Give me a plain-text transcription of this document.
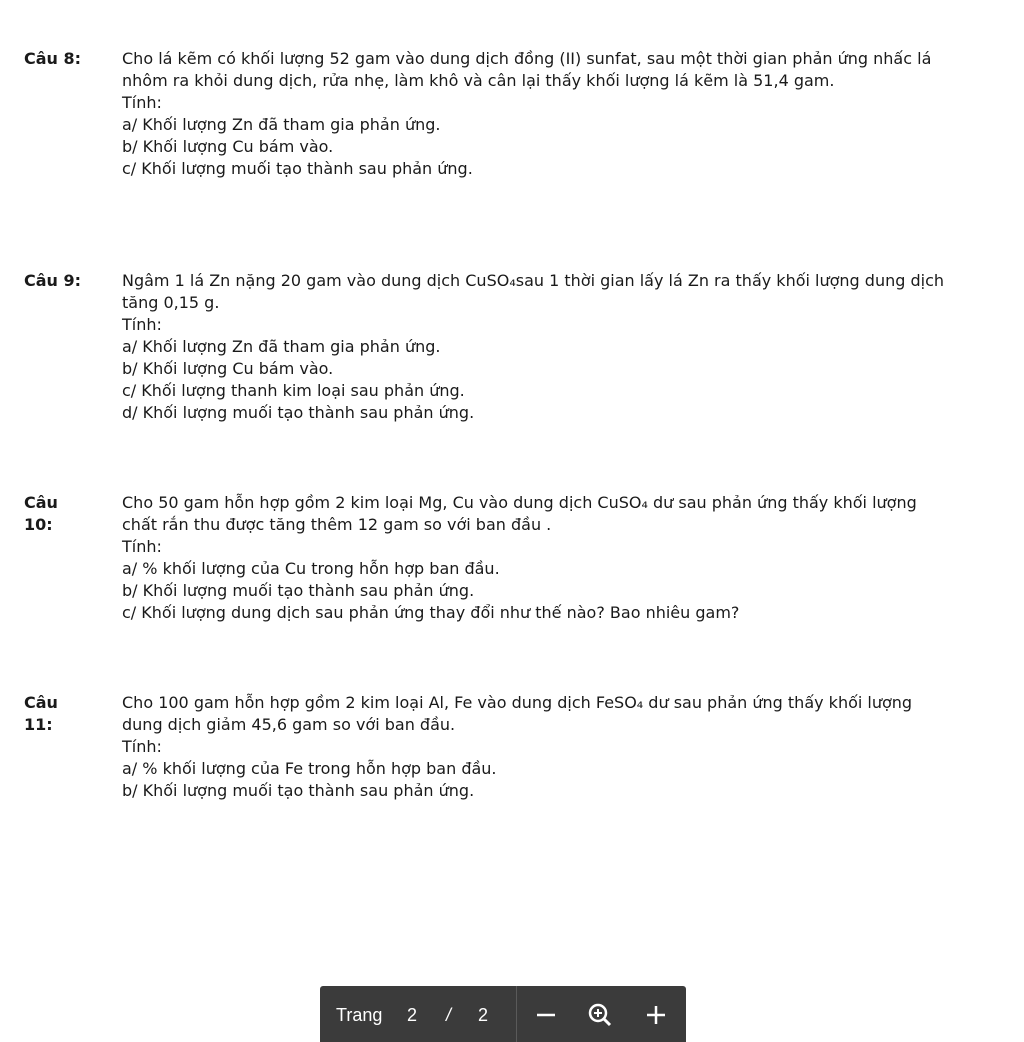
Câu 8:	Cho lá kẽm có khối lượng 52 gam vào dung dịch đồng (II) sunfat, sau một thời gian phản ứng nhấc lá nhôm ra khỏi dung dịch, rửa nhẹ, làm khô và cân lại thấy khối lượng lá kẽm là 51,4 gam.
Tính:
a/ Khối lượng Zn đã tham gia phản ứng.
b/ Khối lượng Cu bám vào.
c/ Khối lượng muối tạo thành sau phản ứng.
Câu 9:	Ngâm 1 lá Zn nặng 20 gam vào dung dịch CuSO₄sau 1 thời gian lấy lá Zn ra thấy khối lượng dung dịch tăng 0,15 g.
Tính:
a/ Khối lượng Zn đã tham gia phản ứng.
b/ Khối lượng Cu bám vào.
c/ Khối lượng thanh kim loại sau phản ứng.
d/ Khối lượng muối tạo thành sau phản ứng.
Câu 10:
Cho 50 gam hỗn hợp gồm 2 kim loại Mg, Cu vào dung dịch CuSO₄ dư sau phản ứng thấy khối lượng chất rắn thu được tăng thêm 12 gam so với ban đầu .
Tính:
a/ % khối lượng của Cu trong hỗn hợp ban đầu.
b/ Khối lượng muối tạo thành sau phản ứng.
c/ Khối lượng dung dịch sau phản ứng thay đổi như thế nào? Bao nhiêu gam?
Câu 11:
Cho 100 gam hỗn hợp gồm 2 kim loại Al, Fe vào dung dịch FeSO₄ dư sau phản ứng thấy khối lượng dung dịch giảm 45,6 gam so với ban đầu.
Tính:
a/ % khối lượng của Fe trong hỗn hợp ban đầu.
b/ Khối lượng muối tạo thành sau phản ứng.
Trang 2 / 2
